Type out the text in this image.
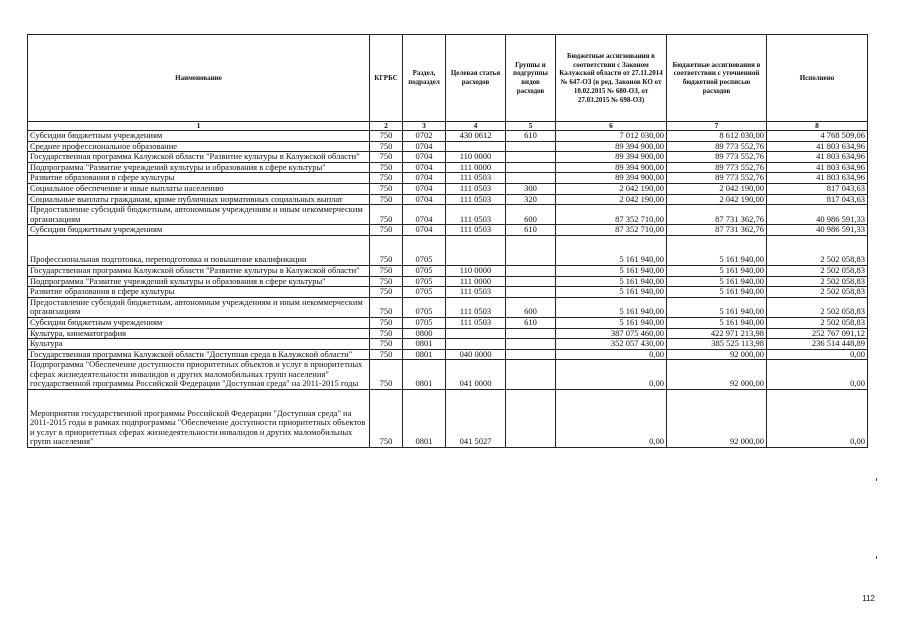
Наименование	КГРБС	Раздел, подраздел	Целевая статья расходов	Группы и подгруппы видов расходов	Бюджетные ассигнования в соответствии с Законом Калужской области от 27.11.2014 № 647-ОЗ (в ред. Законов КО от 10.02.2015 № 680-ОЗ, от 27.03.2015 № 698-ОЗ)	Бюджетные ассигнования в соответствии с уточненной бюджетной росписью расходов	Исполнено
1	2	3	4	5	6	7	8
Субсидии бюджетным учреждениям	750	0702	430 0612	610	7 012 030,00	8 612 030,00	4 768 509,06
Среднее профессиональное образование	750	0704			89 394 900,00	89 773 552,76	41 803 634,96
Государственная программа Калужской области "Развитие культуры в Калужской области"	750	0704	110 0000		89 394 900,00	89 773 552,76	41 803 634,96
Подпрограмма "Развитие учреждений культуры и образования в сфере культуры"	750	0704	111 0000		89 394 900,00	89 773 552,76	41 803 634,96
Развитие образования в сфере культуры	750	0704	111 0503		89 394 900,00	89 773 552,76	41 803 634,96
Социальное обеспечение и иные выплаты населению	750	0704	111 0503	300	2 042 190,00	2 042 190,00	817 043,63
Социальные выплаты гражданам, кроме публичных нормативных социальных выплат	750	0704	111 0503	320	2 042 190,00	2 042 190,00	817 043,63
Предоставление субсидий бюджетным, автономным учреждениям и иным некоммерческим организациям	750	0704	111 0503	600	87 352 710,00	87 731 362,76	40 986 591,33
Субсидии бюджетным учреждениям	750	0704	111 0503	610	87 352 710,00	87 731 362,76	40 986 591,33
Профессиональная подготовка, переподготовка и повышение квалификации	750	0705			5 161 940,00	5 161 940,00	2 502 058,83
Государственная программа Калужской области "Развитие культуры в Калужской области"	750	0705	110 0000		5 161 940,00	5 161 940,00	2 502 058,83
Подпрограмма "Развитие учреждений культуры и образования в сфере культуры"	750	0705	111 0000		5 161 940,00	5 161 940,00	2 502 058,83
Развитие образования в сфере культуры	750	0705	111 0503		5 161 940,00	5 161 940,00	2 502 058,83
Предоставление субсидий бюджетным, автономным учреждениям и иным некоммерческим организациям	750	0705	111 0503	600	5 161 940,00	5 161 940,00	2 502 058,83
Субсидии бюджетным учреждениям	750	0705	111 0503	610	5 161 940,00	5 161 940,00	2 502 058,83
Культура, кинематография	750	0800			387 075 460,00	422 971 213,98	252 767 091,12
Культура	750	0801			352 057 430,00	385 525 113,98	236 514 448,89
Государственная программа Калужской области "Доступная среда в Калужской области"	750	0801	040 0000		0,00	92 000,00	0,00
Подпрограмма "Обеспечение доступности приоритетных объектов и услуг в приоритетных сферах жизнедеятельности инвалидов и других маломобильных групп населения" государственной программы Российской Федерации "Доступная среда" на 2011-2015 годы	750	0801	041 0000		0,00	92 000,00	0,00
Мероприятия государственной программы Российской Федерации "Доступная среда" на 2011-2015 годы в рамках подпрограммы "Обеспечение доступности приоритетных объектов и услуг в приоритетных сферах жизнедеятельности инвалидов и других маломобильных групп населения"	750	0801	041 5027		0,00	92 000,00	0,00
112
